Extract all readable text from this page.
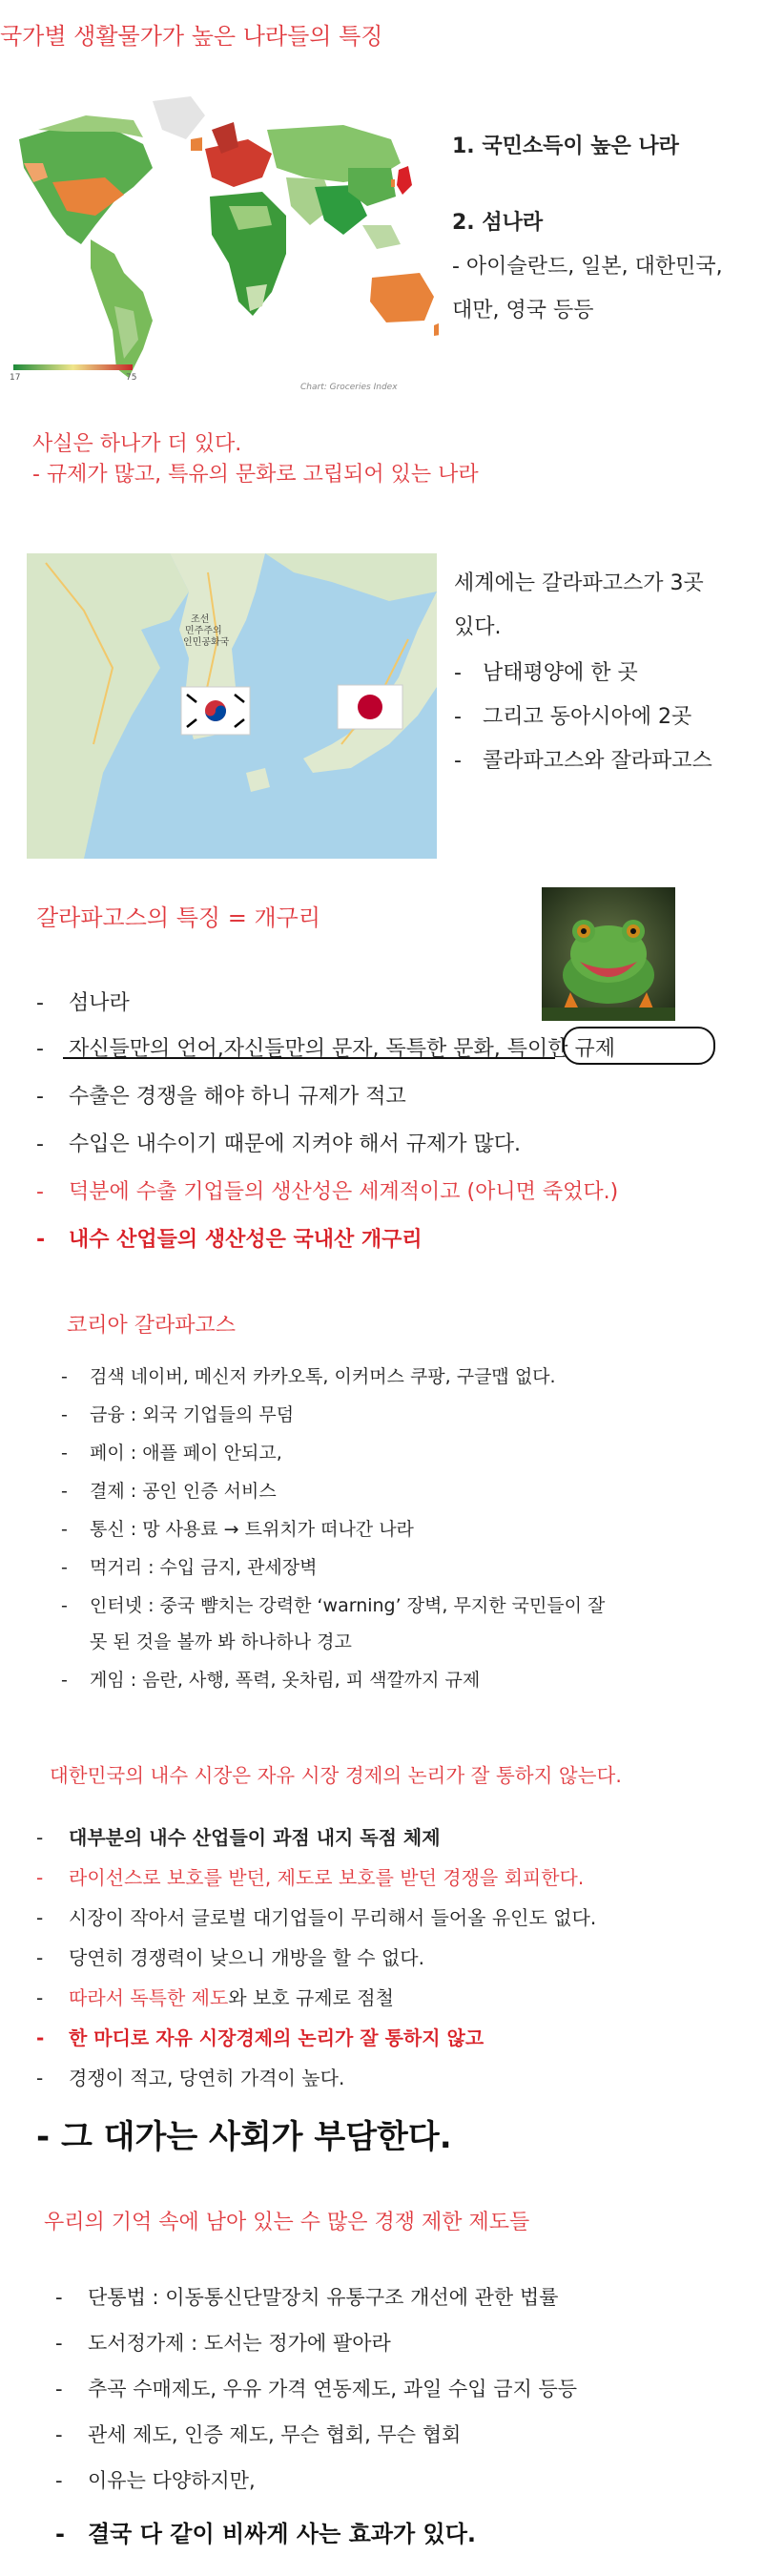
국가별 생활물가가 높은 나라들의 특징
17	75
Chart: Groceries Index
1. 국민소득이 높은 나라
2. 섬나라
- 아이슬란드, 일본, 대한민국,
대만, 영국 등등
사실은 하나가 더 있다.
- 규제가 많고, 특유의 문화로 고립되어 있는 나라
조선
민주주의
인민공화국
세계에는 갈라파고스가 3곳
있다.
- 남태평양에 한 곳
- 그리고 동아시아에 2곳
- 콜라파고스와 잘라파고스
갈라파고스의 특징 = 개구리
- 섬나라
- 자신들만의 언어,자신들만의 문자, 독특한 문화, 특이한 규제
- 수출은 경쟁을 해야 하니 규제가 적고
- 수입은 내수이기 때문에 지켜야 해서 규제가 많다.
- 덕분에 수출 기업들의 생산성은 세계적이고 (아니면 죽었다.)
- 내수 산업들의 생산성은 국내산 개구리
코리아 갈라파고스
- 검색 네이버, 메신저 카카오톡, 이커머스 쿠팡, 구글맵 없다.
- 금융 : 외국 기업들의 무덤
- 페이 : 애플 페이 안되고,
- 결제 : 공인 인증 서비스
- 통신 : 망 사용료 → 트위치가 떠나간 나라
- 먹거리 : 수입 금지, 관세장벽
- 인터넷 : 중국 뺨치는 강력한 ‘warning’ 장벽, 무지한 국민들이 잘
못 된 것을 볼까 봐 하나하나 경고
- 게임 : 음란, 사행, 폭력, 옷차림, 피 색깔까지 규제
대한민국의 내수 시장은 자유 시장 경제의 논리가 잘 통하지 않는다.
- 대부분의 내수 산업들이 과점 내지 독점 체제
- 라이선스로 보호를 받던, 제도로 보호를 받던 경쟁을 회피한다.
- 시장이 작아서 글로벌 대기업들이 무리해서 들어올 유인도 없다.
- 당연히 경쟁력이 낮으니 개방을 할 수 없다.
- 따라서 독특한 제도와 보호 규제로 점철
- 한 마디로 자유 시장경제의 논리가 잘 통하지 않고
- 경쟁이 적고, 당연히 가격이 높다.
- 그 대가는 사회가 부담한다.
우리의 기억 속에 남아 있는 수 많은 경쟁 제한 제도들
- 단통법 : 이동통신단말장치 유통구조 개선에 관한 법률
- 도서정가제 : 도서는 정가에 팔아라
- 추곡 수매제도, 우유 가격 연동제도, 과일 수입 금지 등등
- 관세 제도, 인증 제도, 무슨 협회, 무슨 협회
- 이유는 다양하지만,
- 결국 다 같이 비싸게 사는 효과가 있다.
